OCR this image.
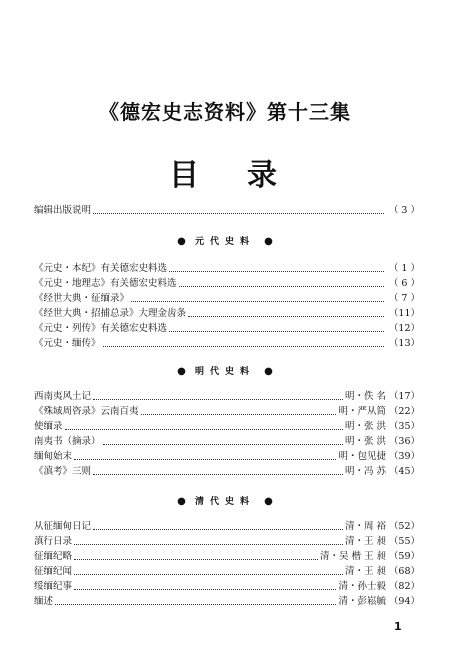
《德宏史志资料》第十三集
目录
编辑出版说明	（ 3 ）
● 元代史料 ●
《元史・本纪》有关德宏史料选	（ 1 ）
《元史・地理志》有关德宏史料选	（ 6 ）
《经世大典・征缅录》	（ 7 ）
《经世大典・招捕总录》大理金齿条	（11）
《元史・列传》有关德宏史料选	（12）
《元史・缅传》	（13）
● 明代史料 ●
西南夷风土记	明・佚 名 （17）
《殊域周咨录》云南百夷	明・严从简 （22）
使缅录	明・张 洪 （35）
南夷书（摘录）	明・张 洪 （36）
缅甸始末	明・包见捷 （39）
《滇考》三则	明・冯 苏 （45）
● 清代史料 ●
从征缅甸日记	清・周 裕 （52）
滇行日录	清・王 昶 （55）
征缅纪略	清・吴 楷 王 昶 （59）
征缅纪闻	清・王 昶 （68）
绥缅纪事	清・孙士毅 （82）
缅述	清・彭崧毓 （94）
1
